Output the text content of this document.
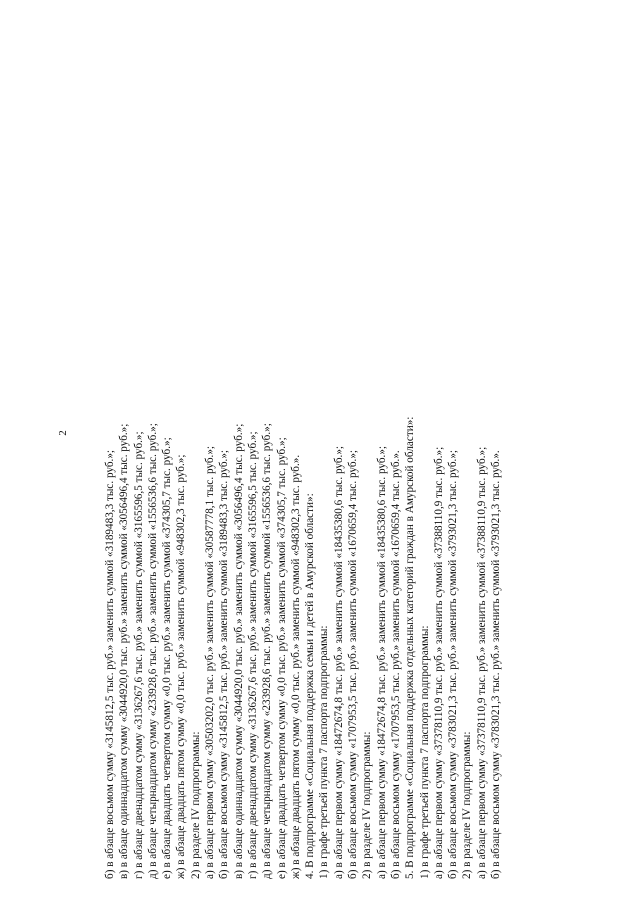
2
б) в абзаце восьмом сумму «3145812,5 тыс. руб.» заменить суммой «3189483,3 тыс. руб.»; в) в абзаце одиннадцатом сумму «3044920,0 тыс. руб.» заменить суммой «3056496,4 тыс. руб.»; г) в абзаце двенадцатом сумму «3136267,6 тыс. руб.» заменить суммой «3165596,5 тыс. руб.»; д) в абзаце четырнадцатом сумму «233928,6 тыс. руб.» заменить суммой «1556536,6 тыс. руб.»; е) в абзаце двадцать четвертом сумму «0,0 тыс. руб.» заменить суммой «374305,7 тыс. руб.»; ж) в абзаце двадцать пятом сумму «0,0 тыс. руб.» заменить суммой «948302,3 тыс. руб.»; 2) в разделе IV подпрограммы: а) в абзаце первом сумму «30503202,0 тыс. руб.» заменить суммой «30587778,1 тыс. руб.»; б) в абзаце восьмом сумму «3145812,5 тыс. руб.» заменить суммой «3189483,3 тыс. руб.»; в) в абзаце одиннадцатом сумму «3044920,0 тыс. руб.» заменить суммой «3056496,4 тыс. руб.»; г) в абзаце двенадцатом сумму «3136267,6 тыс. руб.» заменить суммой «3165596,5 тыс. руб.»; д) в абзаце четырнадцатом сумму «233928,6 тыс. руб.» заменить суммой «1556536,6 тыс. руб.»; е) в абзаце двадцать четвертом сумму «0,0 тыс. руб.» заменить суммой «374305,7 тыс. руб.»; ж) в абзаце двадцать пятом сумму «0,0 тыс. руб.» заменить суммой «948302,3 тыс. руб.». 4. В подпрограмме «Социальная поддержка семьи и детей в Амурской области»: 1) в графе третьей пункта 7 паспорта подпрограммы: а) в абзаце первом сумму «18472674,8 тыс. руб.» заменить суммой «18435380,6 тыс. руб.»; б) в абзаце восьмом сумму «1707953,5 тыс. руб.» заменить суммой «1670659,4 тыс. руб.»; 2) в разделе IV подпрограммы: а) в абзаце первом сумму «18472674,8 тыс. руб.» заменить суммой «18435380,6 тыс. руб.»; б) в абзаце восьмом сумму «1707953,5 тыс. руб.» заменить суммой «1670659,4 тыс. руб.». 5. В подпрограмме «Социальная поддержка отдельных категорий граждан в Амурской области»: 1) в графе третьей пункта 7 паспорта подпрограммы: а) в абзаце первом сумму «37378110,9 тыс. руб.» заменить суммой «37388110,9 тыс. руб.»; б) в абзаце восьмом сумму «3783021,3 тыс. руб.» заменить суммой «3793021,3 тыс. руб.»; 2) в разделе IV подпрограммы: а) в абзаце первом сумму «37378110,9 тыс. руб.» заменить суммой «37388110,9 тыс. руб.»; б) в абзаце восьмом сумму «3783021,3 тыс. руб.» заменить суммой «3793021,3 тыс. руб.».
